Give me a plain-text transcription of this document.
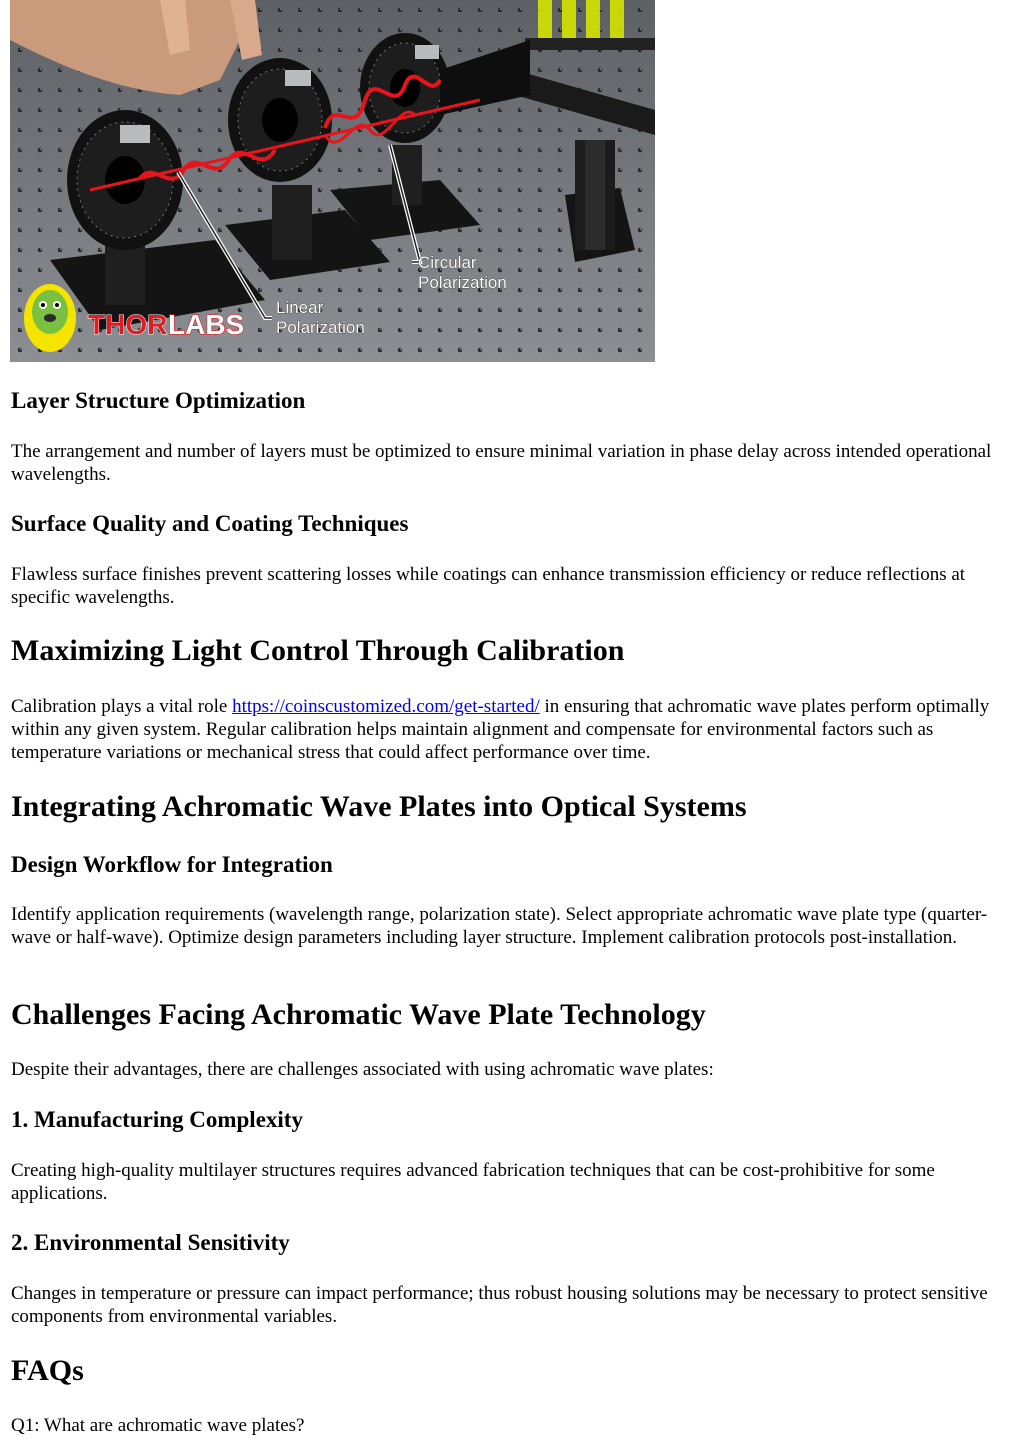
Linear
Polarization
Circular
Polarization
THOR LABS
Layer Structure Optimization

The arrangement and number of layers must be optimized to ensure minimal variation in phase delay across intended operational wavelengths.

Surface Quality and Coating Techniques

Flawless surface finishes prevent scattering losses while coatings can enhance transmission efficiency or reduce reflections at specific wavelengths.

Maximizing Light Control Through Calibration

Calibration plays a vital role https://coinscustomized.com/get-started/ in ensuring that achromatic wave plates perform optimally within any given system. Regular calibration helps maintain alignment and compensate for environmental factors such as temperature variations or mechanical stress that could affect performance over time.

Integrating Achromatic Wave Plates into Optical Systems
Design Workflow for Integration

Identify application requirements (wavelength range, polarization state). Select appropriate achromatic wave plate type (quarter-wave or half-wave). Optimize design parameters including layer structure. Implement calibration protocols post-installation.

Challenges Facing Achromatic Wave Plate Technology

Despite their advantages, there are challenges associated with using achromatic wave plates:

1. Manufacturing Complexity

Creating high-quality multilayer structures requires advanced fabrication techniques that can be cost-prohibitive for some applications.

2. Environmental Sensitivity

Changes in temperature or pressure can impact performance; thus robust housing solutions may be necessary to protect sensitive components from environmental variables.

FAQs

Q1: What are achromatic wave plates?
